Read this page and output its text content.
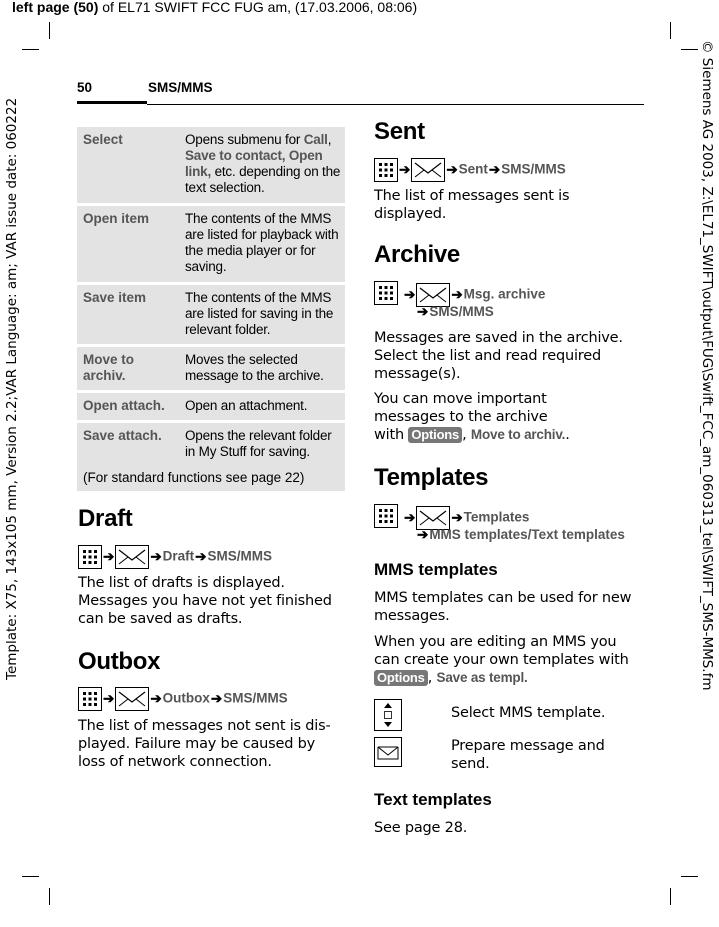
left page (50) of EL71 SWIFT FCC FUG am, (17.03.2006, 08:06)
Template: X75, 143x105 mm, Version 2.2;VAR Language: am; VAR issue date: 060222	© Siemens AG 2003, Z:\EL71_SWIFT\output\FUG\Swift_FCC_am_060313_tel\SWIFT_SMS-MMS.fm
50	SMS/MMS
Select	Opens submenu for Call, Save to contact, Open link, etc. depending on the text selection.
Open item	The contents of the MMS are listed for playback with the media player or for saving.
Save item	The contents of the MMS are listed for saving in the relevant folder.
Move to archiv.	Moves the selected message to the archive.
Open attach.	Open an attachment.
Save attach.	Opens the relevant folder in My Stuff for saving.
(For standard functions see page 22)
Draft
➔	➔Draft➔SMS/MMS
The list of drafts is displayed. Messages you have not yet finished can be saved as drafts.
Outbox
➔	➔Outbox➔SMS/MMS
The list of messages not sent is dis-played. Failure may be caused by loss of network connection.
Sent
➔	➔Sent➔SMS/MMS
The list of messages sent is displayed.
Archive
➔	➔Msg. archive
➔SMS/MMS
Messages are saved in the archive. Select the list and read required message(s).
You can move important messages to the archive with Options , Move to archiv..
Templates
➔	➔Templates
➔MMS templates/Text templates
MMS templates
MMS templates can be used for new messages.
When you are editing an MMS you can create your own templates with Options , Save as templ.
Select MMS template.
Prepare message and send.
Text templates
See page 28.
